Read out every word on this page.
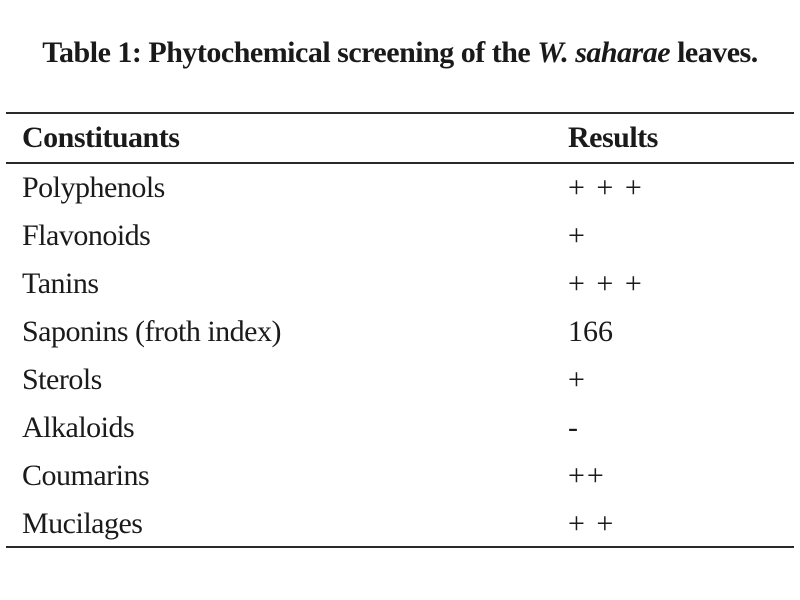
Table 1: Phytochemical screening of the W. saharae leaves.
Constituants	Results
Polyphenols	+ + +
Flavonoids	+
Tanins	+ + +
Saponins (froth index)	166
Sterols	+
Alkaloids	-
Coumarins	++
Mucilages	+ +
